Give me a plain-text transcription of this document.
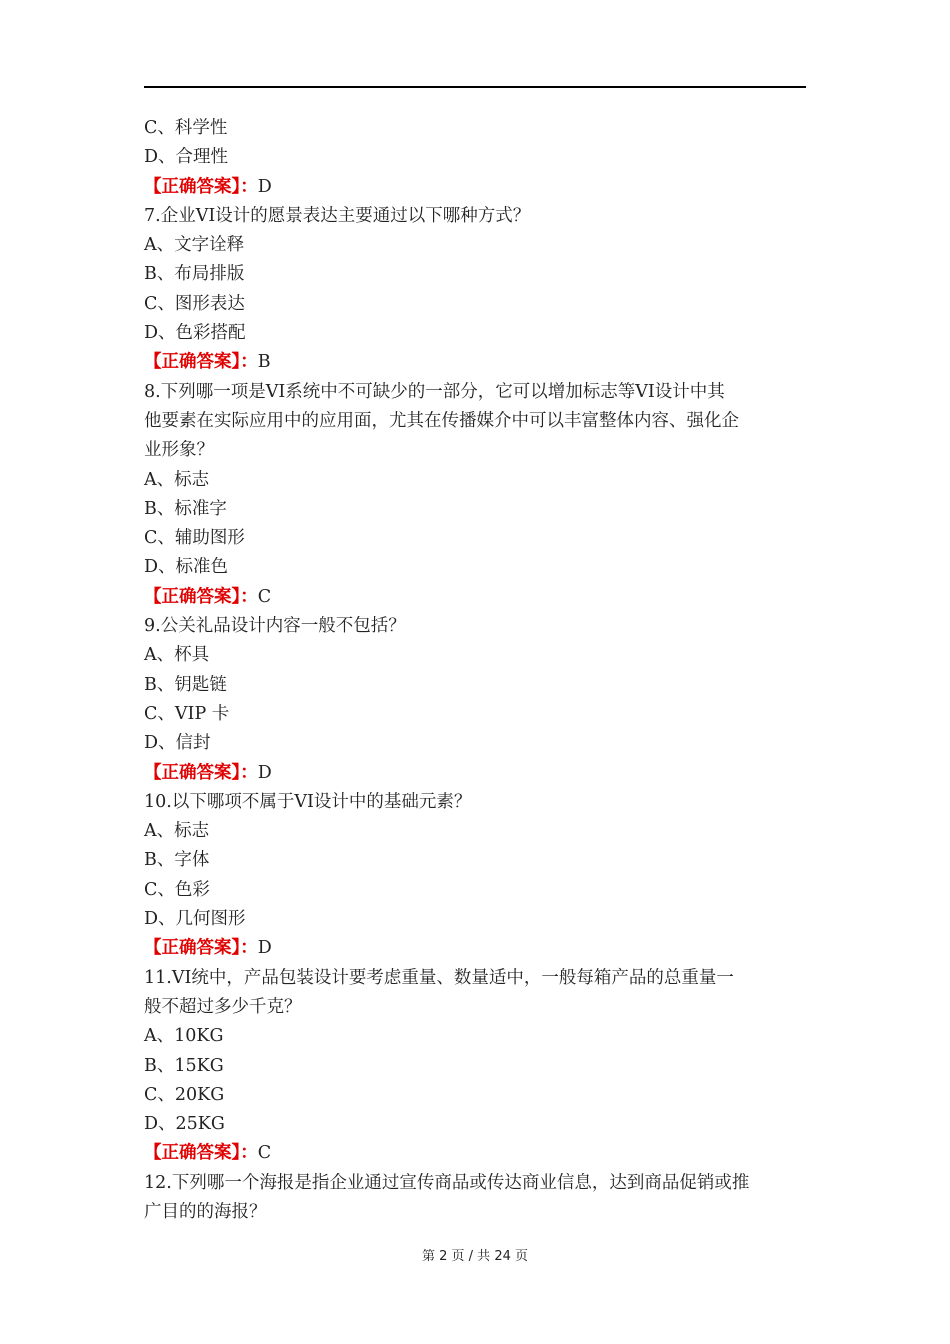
C、科学性
D、合理性
【正确答案】：D
7.企业VI设计的愿景表达主要通过以下哪种方式？
A、文字诠释
B、布局排版
C、图形表达
D、色彩搭配
【正确答案】：B
8.下列哪一项是VI系统中不可缺少的一部分，它可以增加标志等VI设计中其
他要素在实际应用中的应用面，尤其在传播媒介中可以丰富整体内容、强化企
业形象？
A、标志
B、标准字
C、辅助图形
D、标准色
【正确答案】：C
9.公关礼品设计内容一般不包括？
A、杯具
B、钥匙链
C、VIP 卡
D、信封
【正确答案】：D
10.以下哪项不属于VI设计中的基础元素？
A、标志
B、字体
C、色彩
D、几何图形
【正确答案】：D
11.VI统中，产品包装设计要考虑重量、数量适中，一般每箱产品的总重量一
般不超过多少千克？
A、10KG
B、15KG
C、20KG
D、25KG
【正确答案】：C
12.下列哪一个海报是指企业通过宣传商品或传达商业信息，达到商品促销或推
广目的的海报？
第 2 页 / 共 24 页
